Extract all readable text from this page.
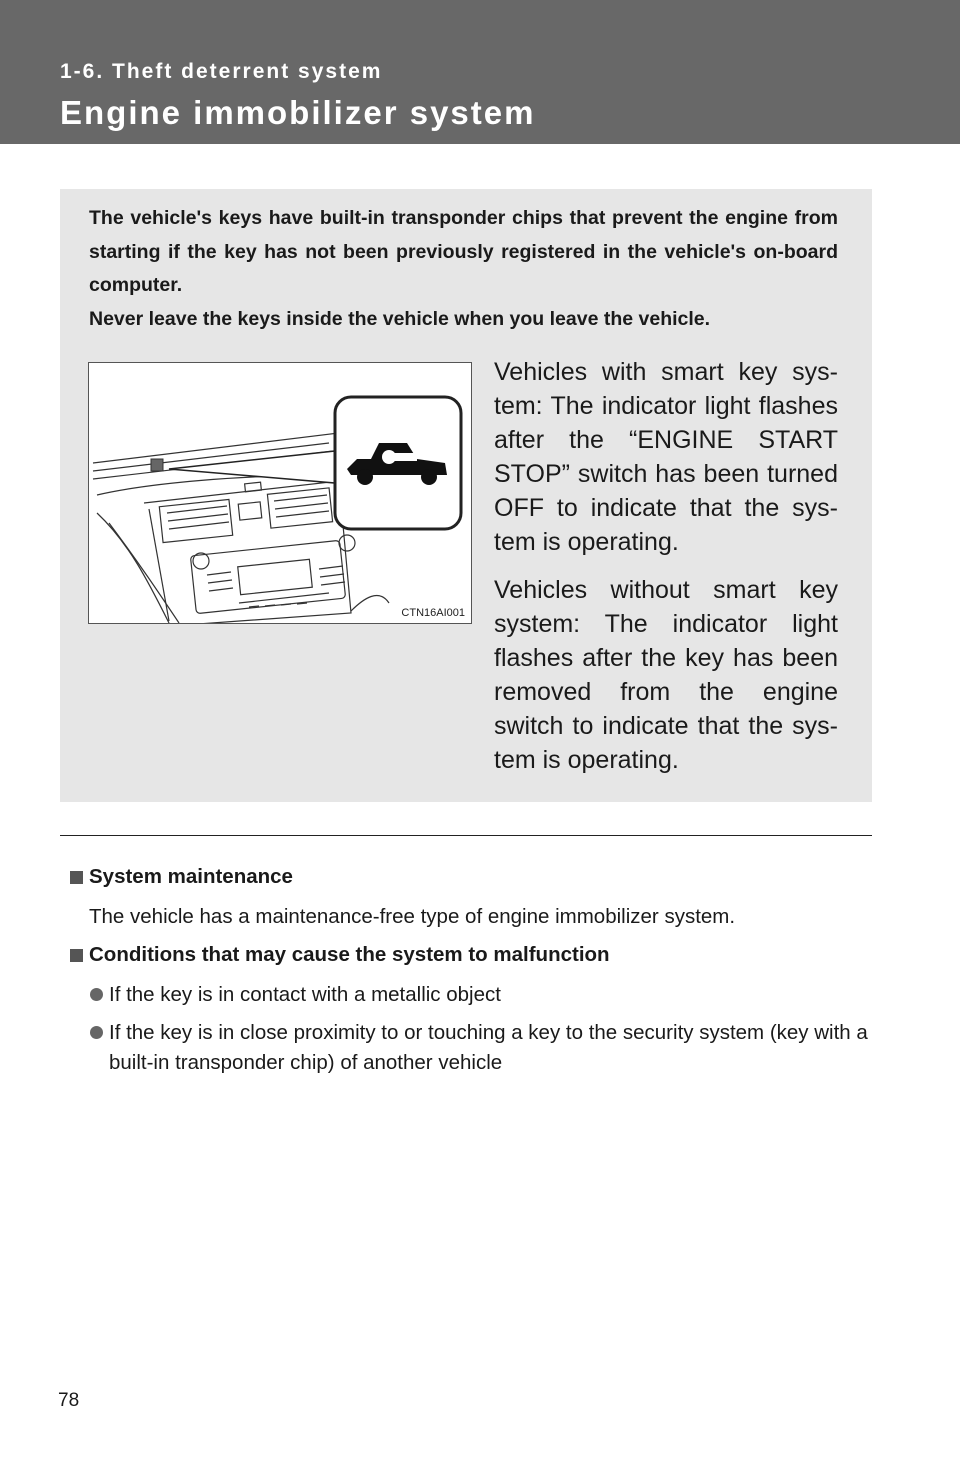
1-6. Theft deterrent system
Engine immobilizer system

The vehicle's keys have built-in transponder chips that prevent the engine from starting if the key has not been previously registered in the vehicle's on-board computer.

Never leave the keys inside the vehicle when you leave the vehicle.

CTN16AI001

Vehicles with smart key sys-tem: The indicator light flashes after the “ENGINE START STOP” switch has been turned OFF to indicate that the sys-tem is operating.

Vehicles without smart key system: The indicator light flashes after the key has been removed from the engine switch to indicate that the sys-tem is operating.

System maintenance
The vehicle has a maintenance-free type of engine immobilizer system.
Conditions that may cause the system to malfunction
If the key is in contact with a metallic object
If the key is in close proximity to or touching a key to the security system (key with a built-in transponder chip) of another vehicle
78
